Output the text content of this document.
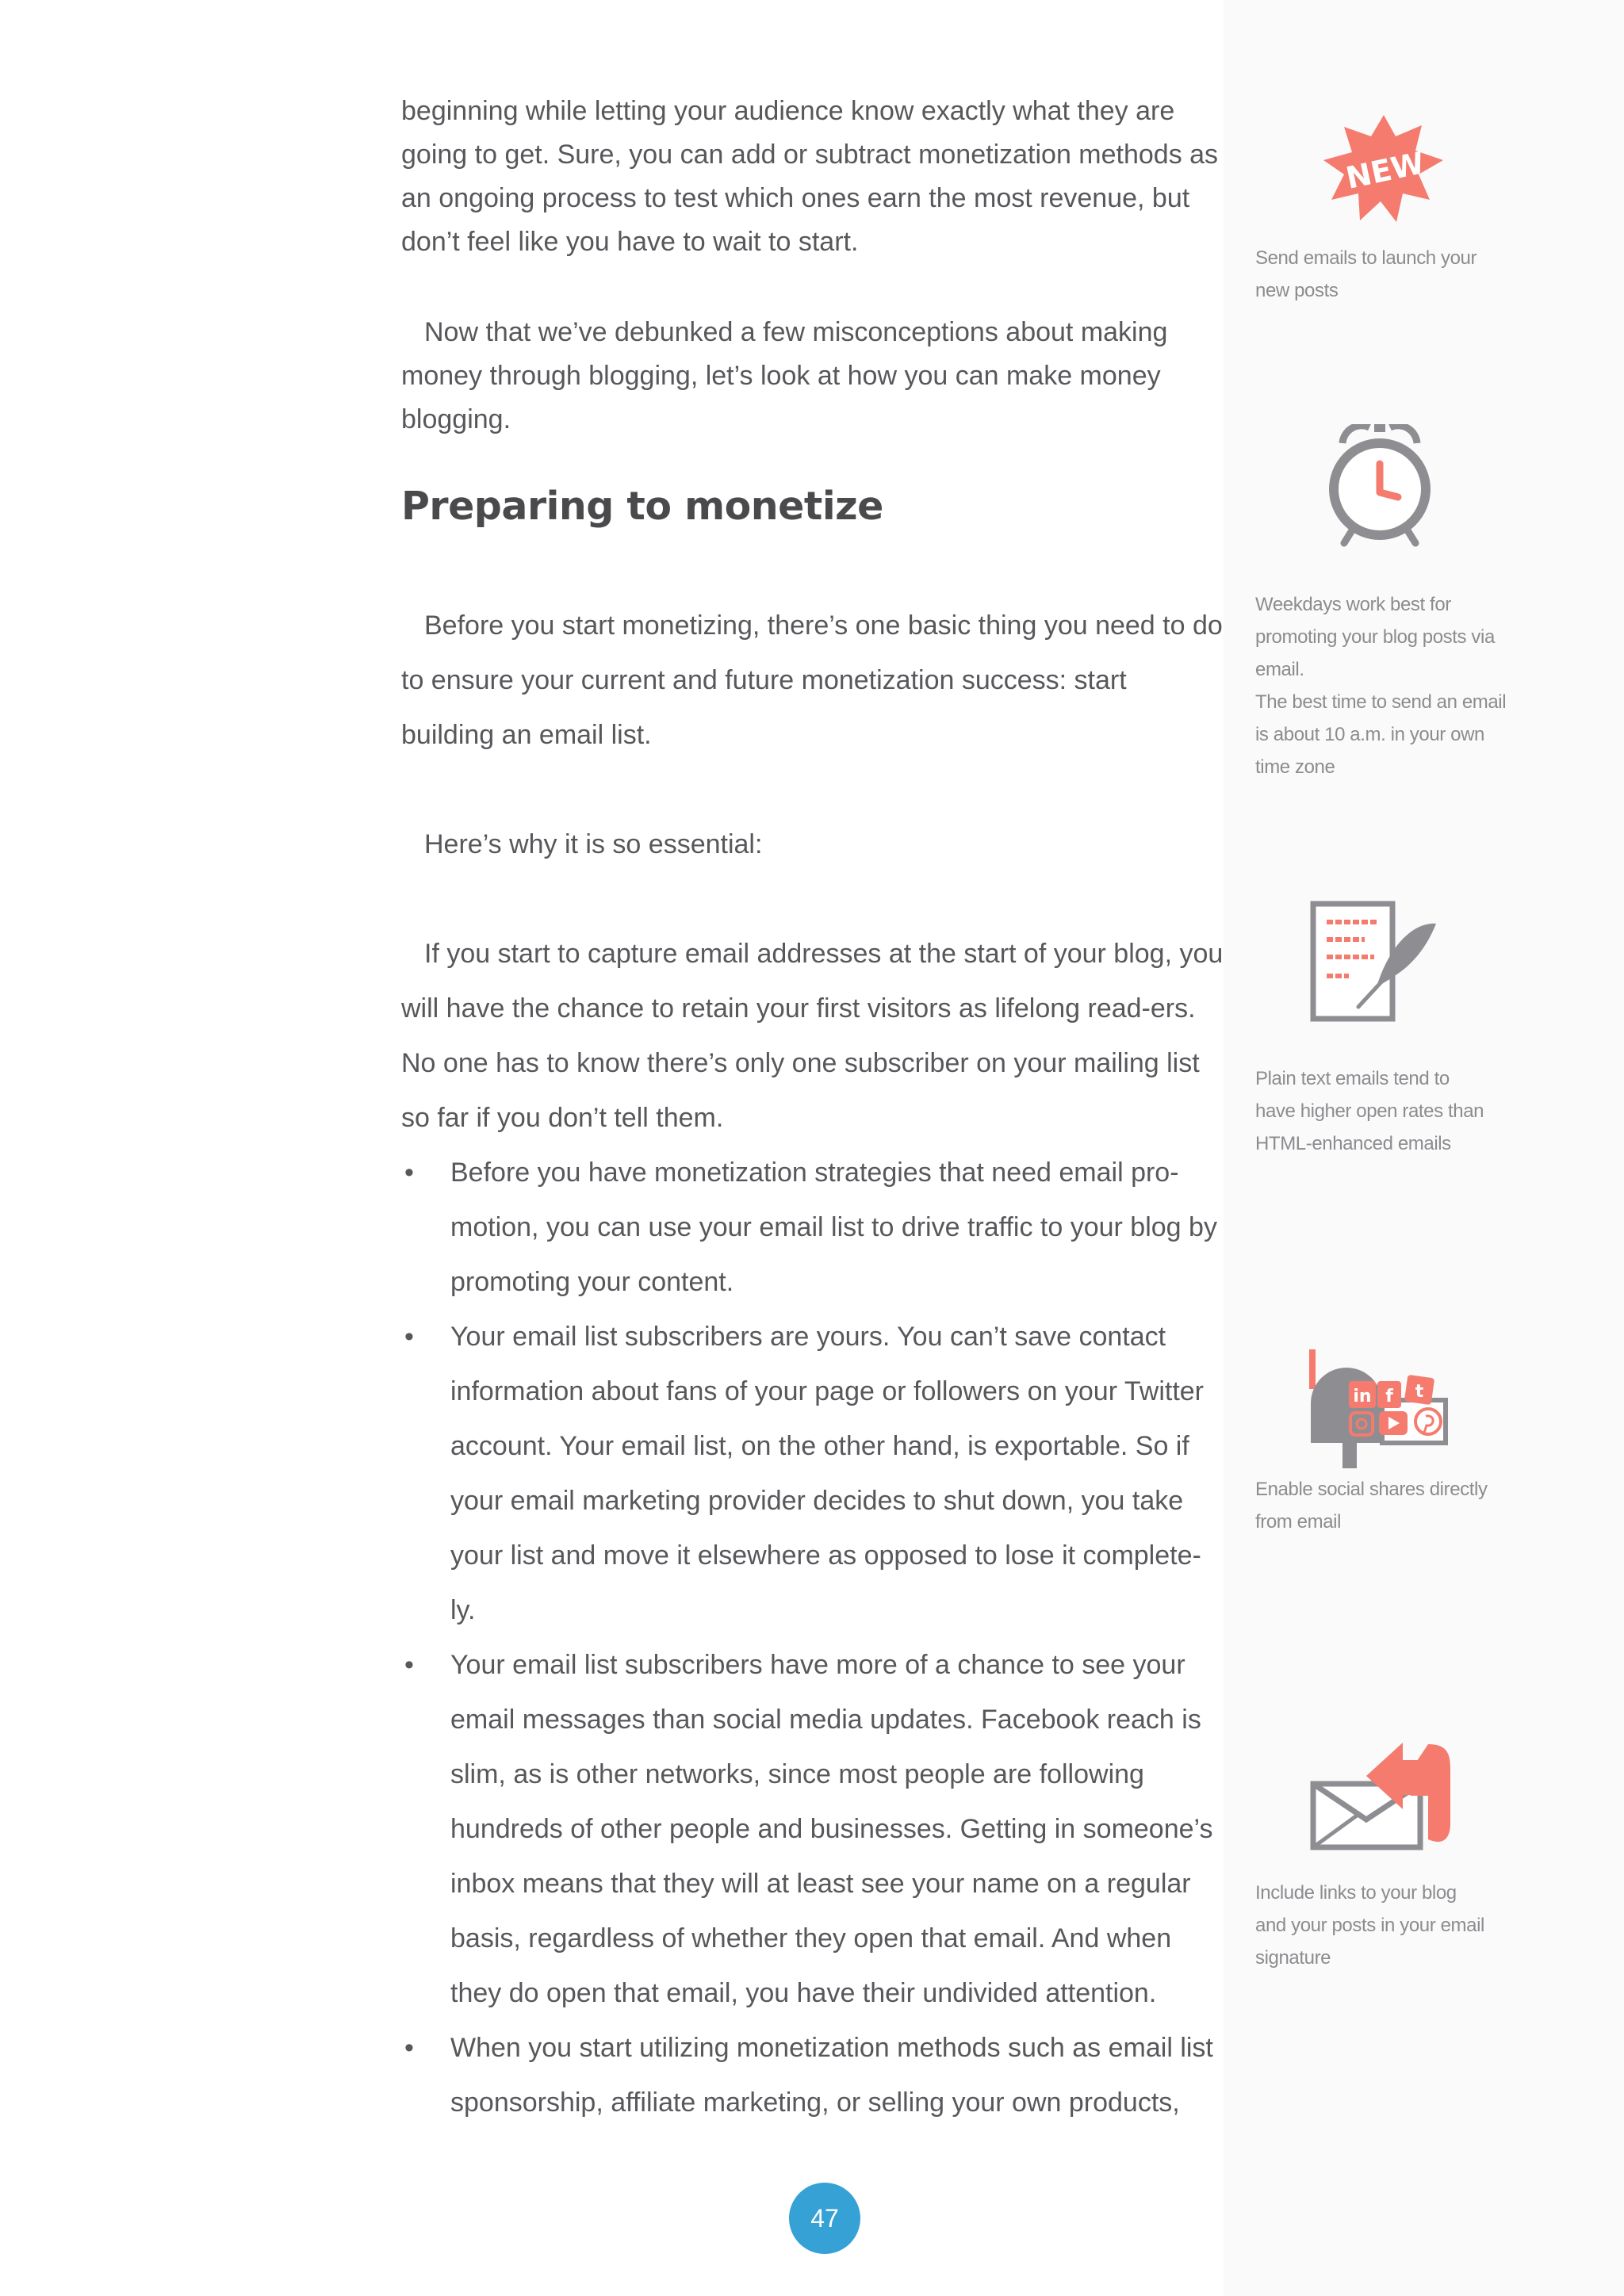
beginning while letting your audience know exactly what they are going to get. Sure, you can add or subtract monetization methods as an ongoing process to test which ones earn the most revenue, but don’t feel like you have to wait to start.

Now that we’ve debunked a few misconceptions about making money through blogging, let’s look at how you can make money blogging.

Preparing to monetize

Before you start monetizing, there’s one basic thing you need to do to ensure your current and future monetization success: start building an email list.

Here’s why it is so essential:

If you start to capture email addresses at the start of your blog, you will have the chance to retain your first visitors as lifelong read-ers. No one has to know there’s only one subscriber on your mailing list so far if you don’t tell them.

• Before you have monetization strategies that need email pro-motion, you can use your email list to drive traffic to your blog by promoting your content.
• Your email list subscribers are yours. You can’t save contact information about fans of your page or followers on your Twitter account. Your email list, on the other hand, is exportable. So if your email marketing provider decides to shut down, you take your list and move it elsewhere as opposed to lose it complete-ly.
• Your email list subscribers have more of a chance to see your email messages than social media updates. Facebook reach is slim, as is other networks, since most people are following hundreds of other people and businesses. Getting in someone’s inbox means that they will at least see your name on a regular basis, regardless of whether they open that email. And when they do open that email, you have their undivided attention.
• When you start utilizing monetization methods such as email list sponsorship, affiliate marketing, or selling your own products,
NEW
Send emails to launch your
new posts
Weekdays work best for
promoting your blog posts via
email.
The best time to send an email
is about 10 a.m. in your own
time zone
Plain text emails tend to
have higher open rates than
HTML-enhanced emails
in f t
Enable social shares directly
from email
Include links to your blog
and your posts in your email
signature
47
